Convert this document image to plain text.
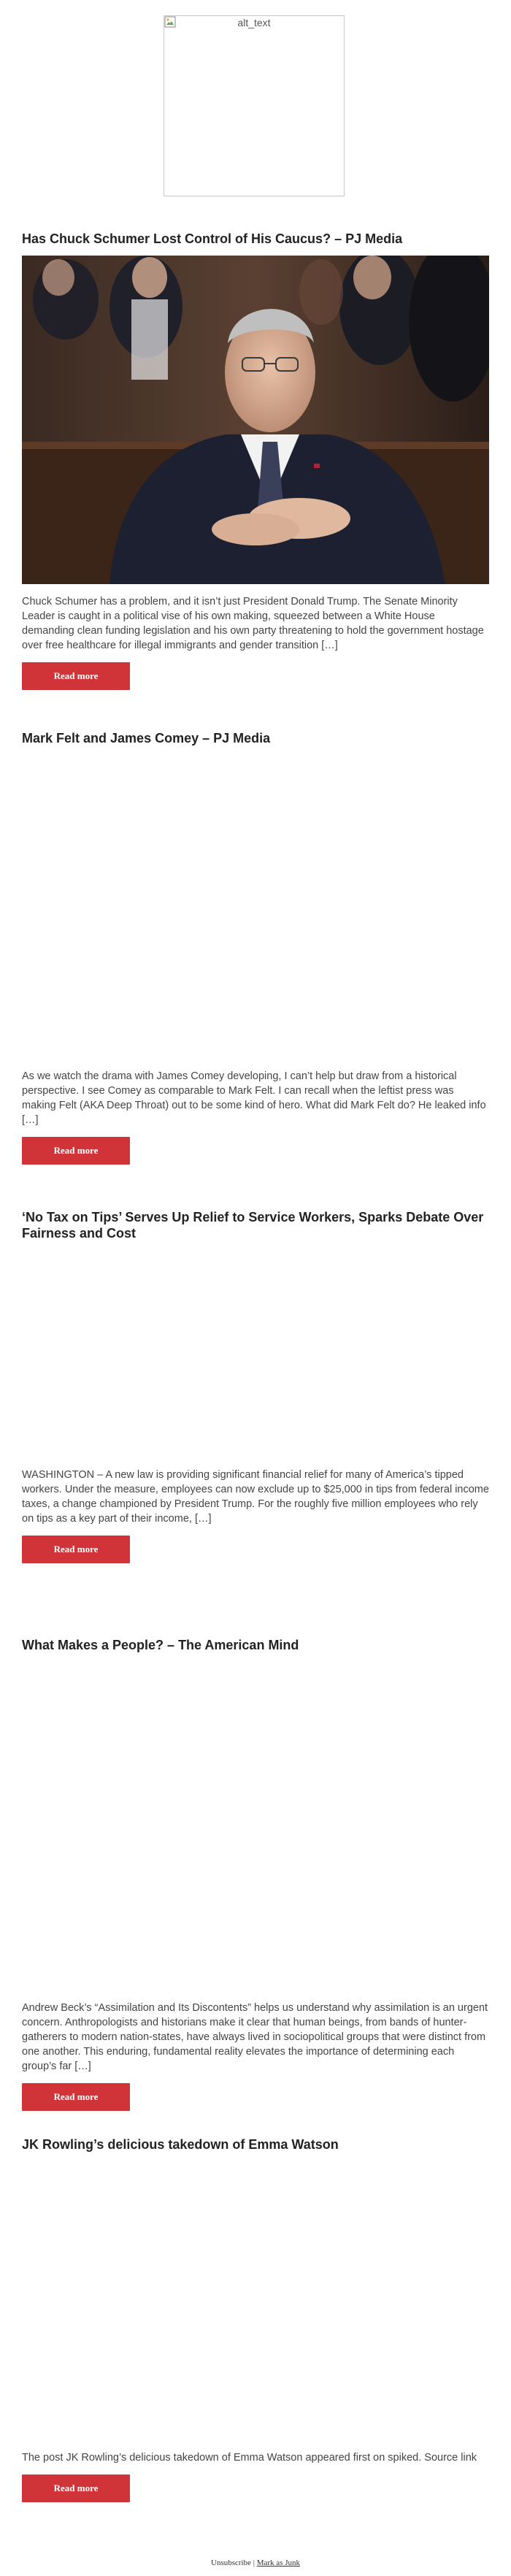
alt_text
Has Chuck Schumer Lost Control of His Caucus? – PJ Media

Chuck Schumer has a problem, and it isn’t just President Donald Trump. The Senate Minority Leader is caught in a political vise of his own making, squeezed between a White House demanding clean funding legislation and his own party threatening to hold the government hostage over free healthcare for illegal immigrants and gender transition […]

Read more
Mark Felt and James Comey – PJ Media

As we watch the drama with James Comey developing, I can’t help but draw from a historical perspective. I see Comey as comparable to Mark Felt. I can recall when the leftist press was making Felt (AKA Deep Throat) out to be some kind of hero. What did Mark Felt do? He leaked info […]

Read more
‘No Tax on Tips’ Serves Up Relief to Service Workers, Sparks Debate Over Fairness and Cost

WASHINGTON – A new law is providing significant financial relief for many of America’s tipped workers. Under the measure, employees can now exclude up to $25,000 in tips from federal income taxes, a change championed by President Trump. For the roughly five million employees who rely on tips as a key part of their income, […]

Read more
What Makes a People? – The American Mind

Andrew Beck’s “Assimilation and Its Discontents” helps us understand why assimilation is an urgent concern. Anthropologists and historians make it clear that human beings, from bands of hunter-gatherers to modern nation-states, have always lived in sociopolitical groups that were distinct from one another. This enduring, fundamental reality elevates the importance of determining each group’s far […]

Read more
JK Rowling’s delicious takedown of Emma Watson

The post JK Rowling’s delicious takedown of Emma Watson appeared first on spiked. Source link

Read more
Unsubscribe | Mark as Junk
